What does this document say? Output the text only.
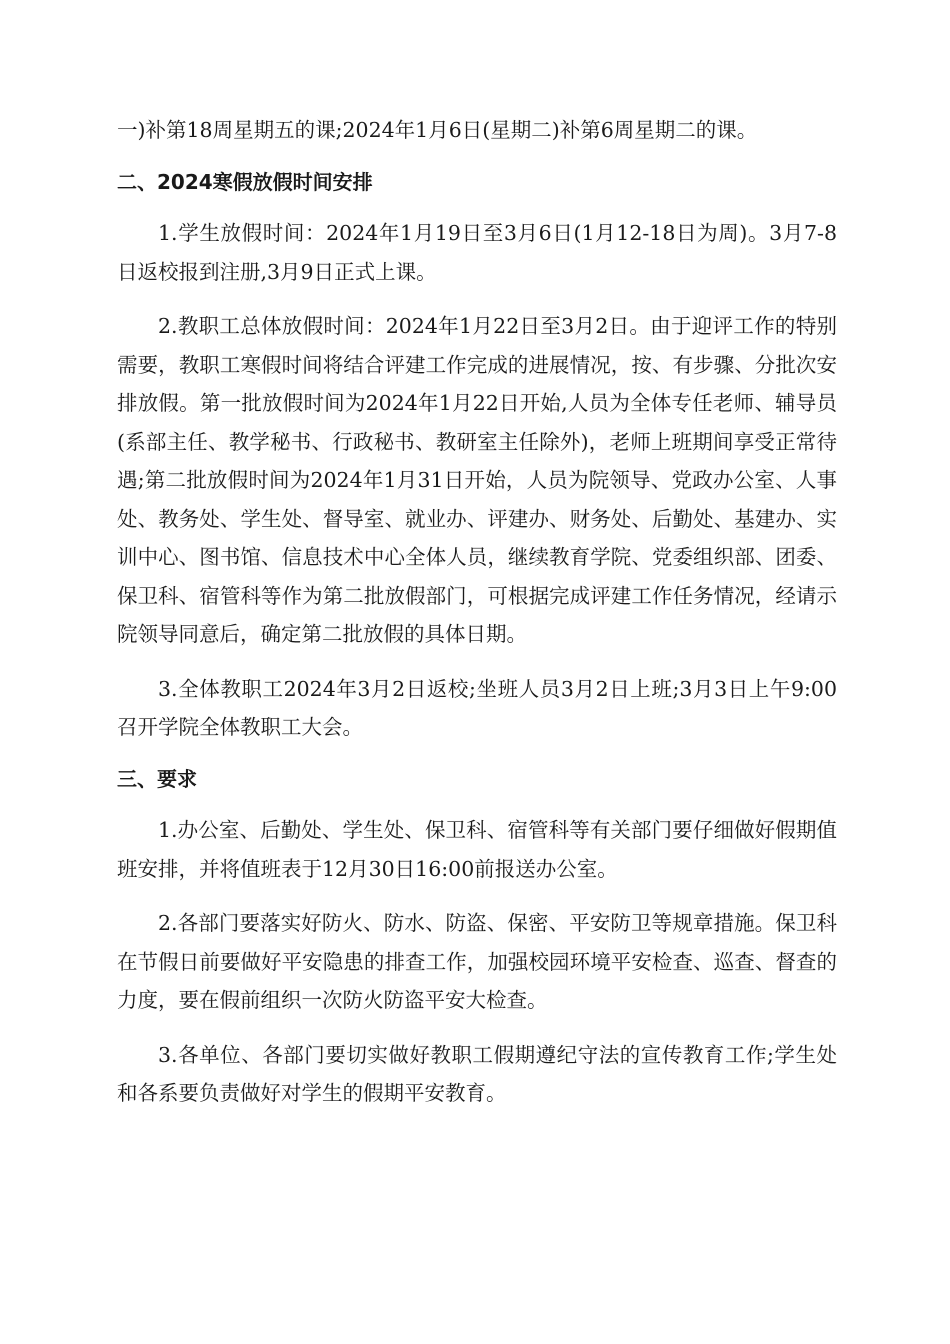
一)补第18周星期五的课;2024年1月6日(星期二)补第6周星期二的课。

二、2024寒假放假时间安排

1.学生放假时间：2024年1月19日至3月6日(1月12-18日为周)。3月7-8日返校报到注册,3月9日正式上课。

2.教职工总体放假时间：2024年1月22日至3月2日。由于迎评工作的特别需要，教职工寒假时间将结合评建工作完成的进展情况，按、有步骤、分批次安排放假。第一批放假时间为2024年1月22日开始,人员为全体专任老师、辅导员(系部主任、教学秘书、行政秘书、教研室主任除外)，老师上班期间享受正常待遇;第二批放假时间为2024年1月31日开始，人员为院领导、党政办公室、人事处、教务处、学生处、督导室、就业办、评建办、财务处、后勤处、基建办、实训中心、图书馆、信息技术中心全体人员，继续教育学院、党委组织部、团委、保卫科、宿管科等作为第二批放假部门，可根据完成评建工作任务情况，经请示院领导同意后，确定第二批放假的具体日期。

3.全体教职工2024年3月2日返校;坐班人员3月2日上班;3月3日上午9:00召开学院全体教职工大会。

三、要求

1.办公室、后勤处、学生处、保卫科、宿管科等有关部门要仔细做好假期值班安排，并将值班表于12月30日16:00前报送办公室。

2.各部门要落实好防火、防水、防盗、保密、平安防卫等规章措施。保卫科在节假日前要做好平安隐患的排查工作，加强校园环境平安检查、巡查、督查的力度，要在假前组织一次防火防盗平安大检查。

3.各单位、各部门要切实做好教职工假期遵纪守法的宣传教育工作;学生处和各系要负责做好对学生的假期平安教育。
